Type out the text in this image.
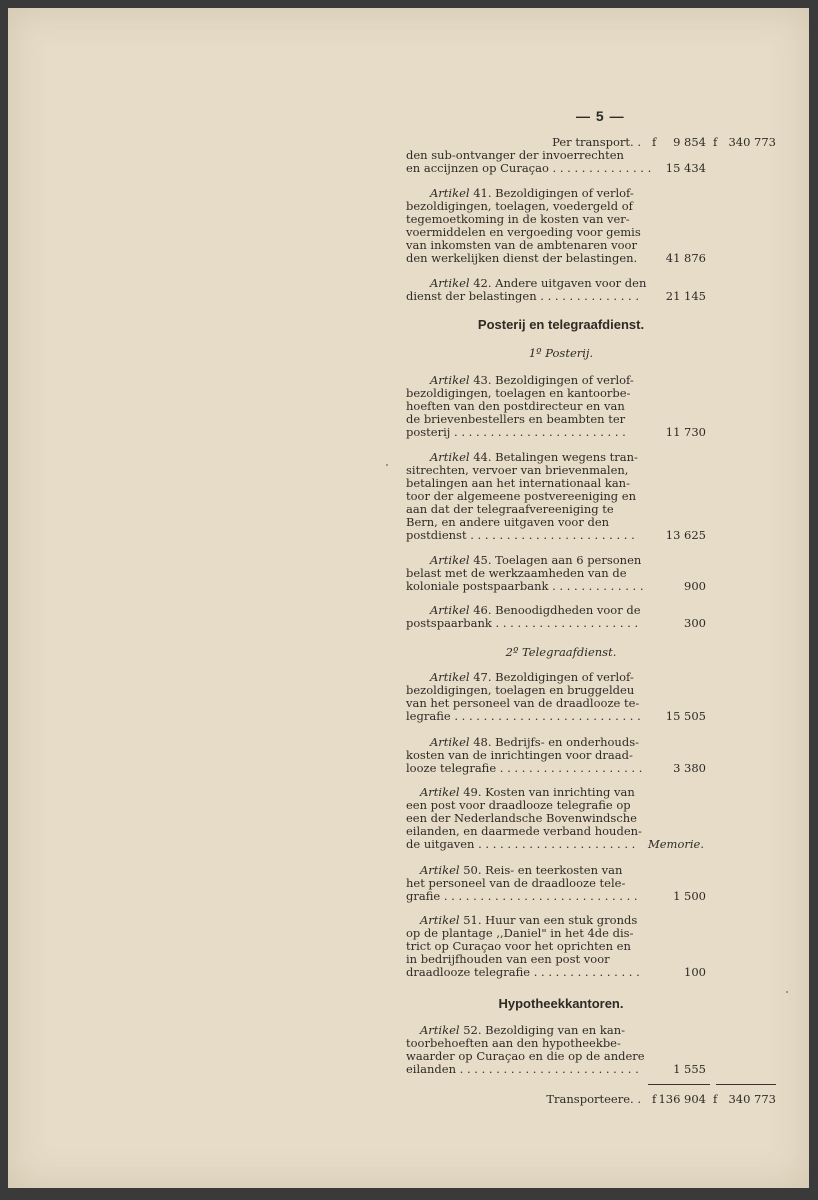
— 5 —
Per transport. . f 9 854 f 340 773
den sub-ontvanger der invoerrechten
en accijnzen op Curaçao . . . . . . . . . . . . . . 15 434
Artikel 41. Bezoldigingen of verlof-
bezoldigingen, toelagen, voedergeld of
tegemoetkoming in de kosten van ver-
voermiddelen en vergoeding voor gemis
van inkomsten van de ambtenaren voor
den werkelijken dienst der belastingen. 41 876
Artikel 42. Andere uitgaven voor den
dienst der belastingen . . . . . . . . . . . . . . 21 145
Posterij en telegraafdienst.
1º Posterij.
Artikel 43. Bezoldigingen of verlof-
bezoldigingen, toelagen en kantoorbe-
hoeften van den postdirecteur en van
de brievenbestellers en beambten ter
posterij . . . . . . . . . . . . . . . . . . . . . . . .	11 730
Artikel 44. Betalingen wegens tran-
sitrechten, vervoer van brievenmalen,
betalingen aan het internationaal kan-
toor der algemeene postvereeniging en
aan dat der telegraafvereeniging te
Bern, en andere uitgaven voor den
postdienst . . . . . . . . . . . . . . . . . . . . . . .	13 625
Artikel 45. Toelagen aan 6 personen
belast met de werkzaamheden van de
koloniale postspaarbank . . . . . . . . . . . . .	900
Artikel 46. Benoodigdheden voor de
postspaarbank . . . . . . . . . . . . . . . . . . . .	300
2º Telegraafdienst.
Artikel 47. Bezoldigingen of verlof-
bezoldigingen, toelagen en bruggeldeu
van het personeel van de draadlooze te-
legrafie . . . . . . . . . . . . . . . . . . . . . . . . . . 15 505
Artikel 48. Bedrijfs- en onderhouds-
kosten van de inrichtingen voor draad-
looze telegrafie . . . . . . . . . . . . . . . . . . . .	3 380
Artikel 49. Kosten van inrichting van
een post voor draadlooze telegrafie op
een der Nederlandsche Bovenwindsche
eilanden, en daarmede verband houden-
de uitgaven . . . . . . . . . . . . . . . . . . . . . . Memorie.
Artikel 50. Reis- en teerkosten van
het personeel van de draadlooze tele-
grafie . . . . . . . . . . . . . . . . . . . . . . . . . . .	1 500
Artikel 51. Huur van een stuk gronds
op de plantage ,,Daniel" in het 4de dis-
trict op Curaçao voor het oprichten en
in bedrijfhouden van een post voor
draadlooze telegrafie . . . . . . . . . . . . . . .	100
Hypotheekkantoren.
Artikel 52. Bezoldiging van en kan-
toorbehoeften aan den hypotheekbe-
waarder op Curaçao en die op de andere
eilanden . . . . . . . . . . . . . . . . . . . . . . . . .	1 555
Transporteere. . f 136 904 f 340 773
